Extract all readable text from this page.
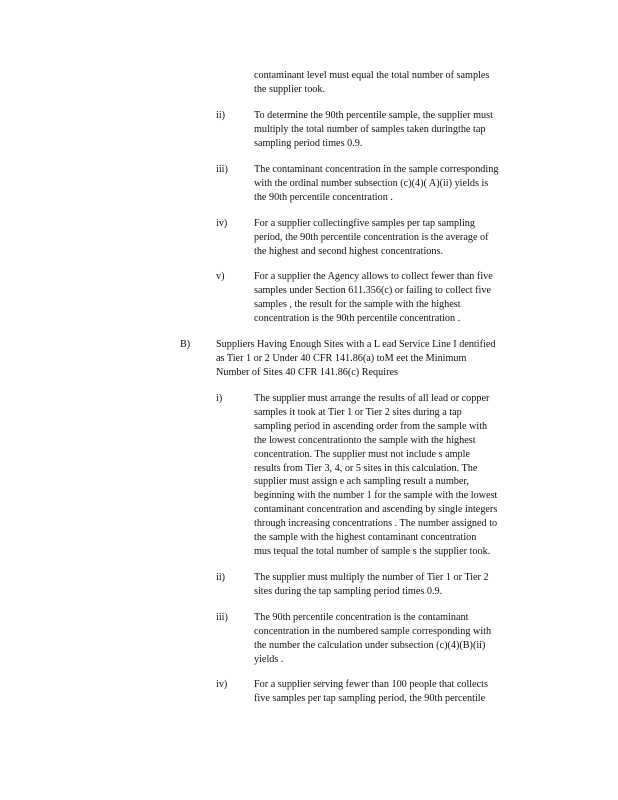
contaminant level must equal the total number of samples
the supplier took.
ii)	To determine the 90th percentile sample, the supplier must
multiply the total number of samples taken duringthe tap
sampling period times 0.9.
iii)	The contaminant concentration in the sample corresponding
with the ordinal number subsection (c)(4)( A)(ii) yields is
the 90th percentile concentration .
iv)	For a supplier collectingfive samples per tap sampling
period, the 90th percentile concentration is the average of
the highest and second highest concentrations.
v)	For a supplier the Agency allows to collect fewer than five
samples under Section 611.356(c) or failing to collect five
samples , the result for the sample with the highest
concentration is the 90th percentile concentration .
B)	Suppliers Having Enough Sites with a L ead Service Line I dentified
as Tier 1 or 2 Under 40 CFR 141.86(a) toM eet the Minimum
Number of Sites 40 CFR 141.86(c) Requires
i)	The supplier must arrange the results of all lead or copper
samples it took at Tier 1 or Tier 2 sites during a tap
sampling period in ascending order from the sample with
the lowest concentrationto the sample with the highest
concentration. The supplier must not include s ample
results from Tier 3, 4, or 5 sites in this calculation. The
supplier must assign e ach sampling result a number,
beginning with the number 1 for the sample with the lowest
contaminant concentration and ascending by single integers
through increasing concentrations . The number assigned to
the sample with the highest contaminant concentration
mus tequal the total number of sample s the supplier took.
ii)	The supplier must multiply the number of Tier 1 or Tier 2
sites during the tap sampling period times 0.9.
iii)	The 90th percentile concentration is the contaminant
concentration in the numbered sample corresponding with
the number the calculation under subsection (c)(4)(B)(ii)
yields .
iv)	For a supplier serving fewer than 100 people that collects
five samples per tap sampling period, the 90th percentile
